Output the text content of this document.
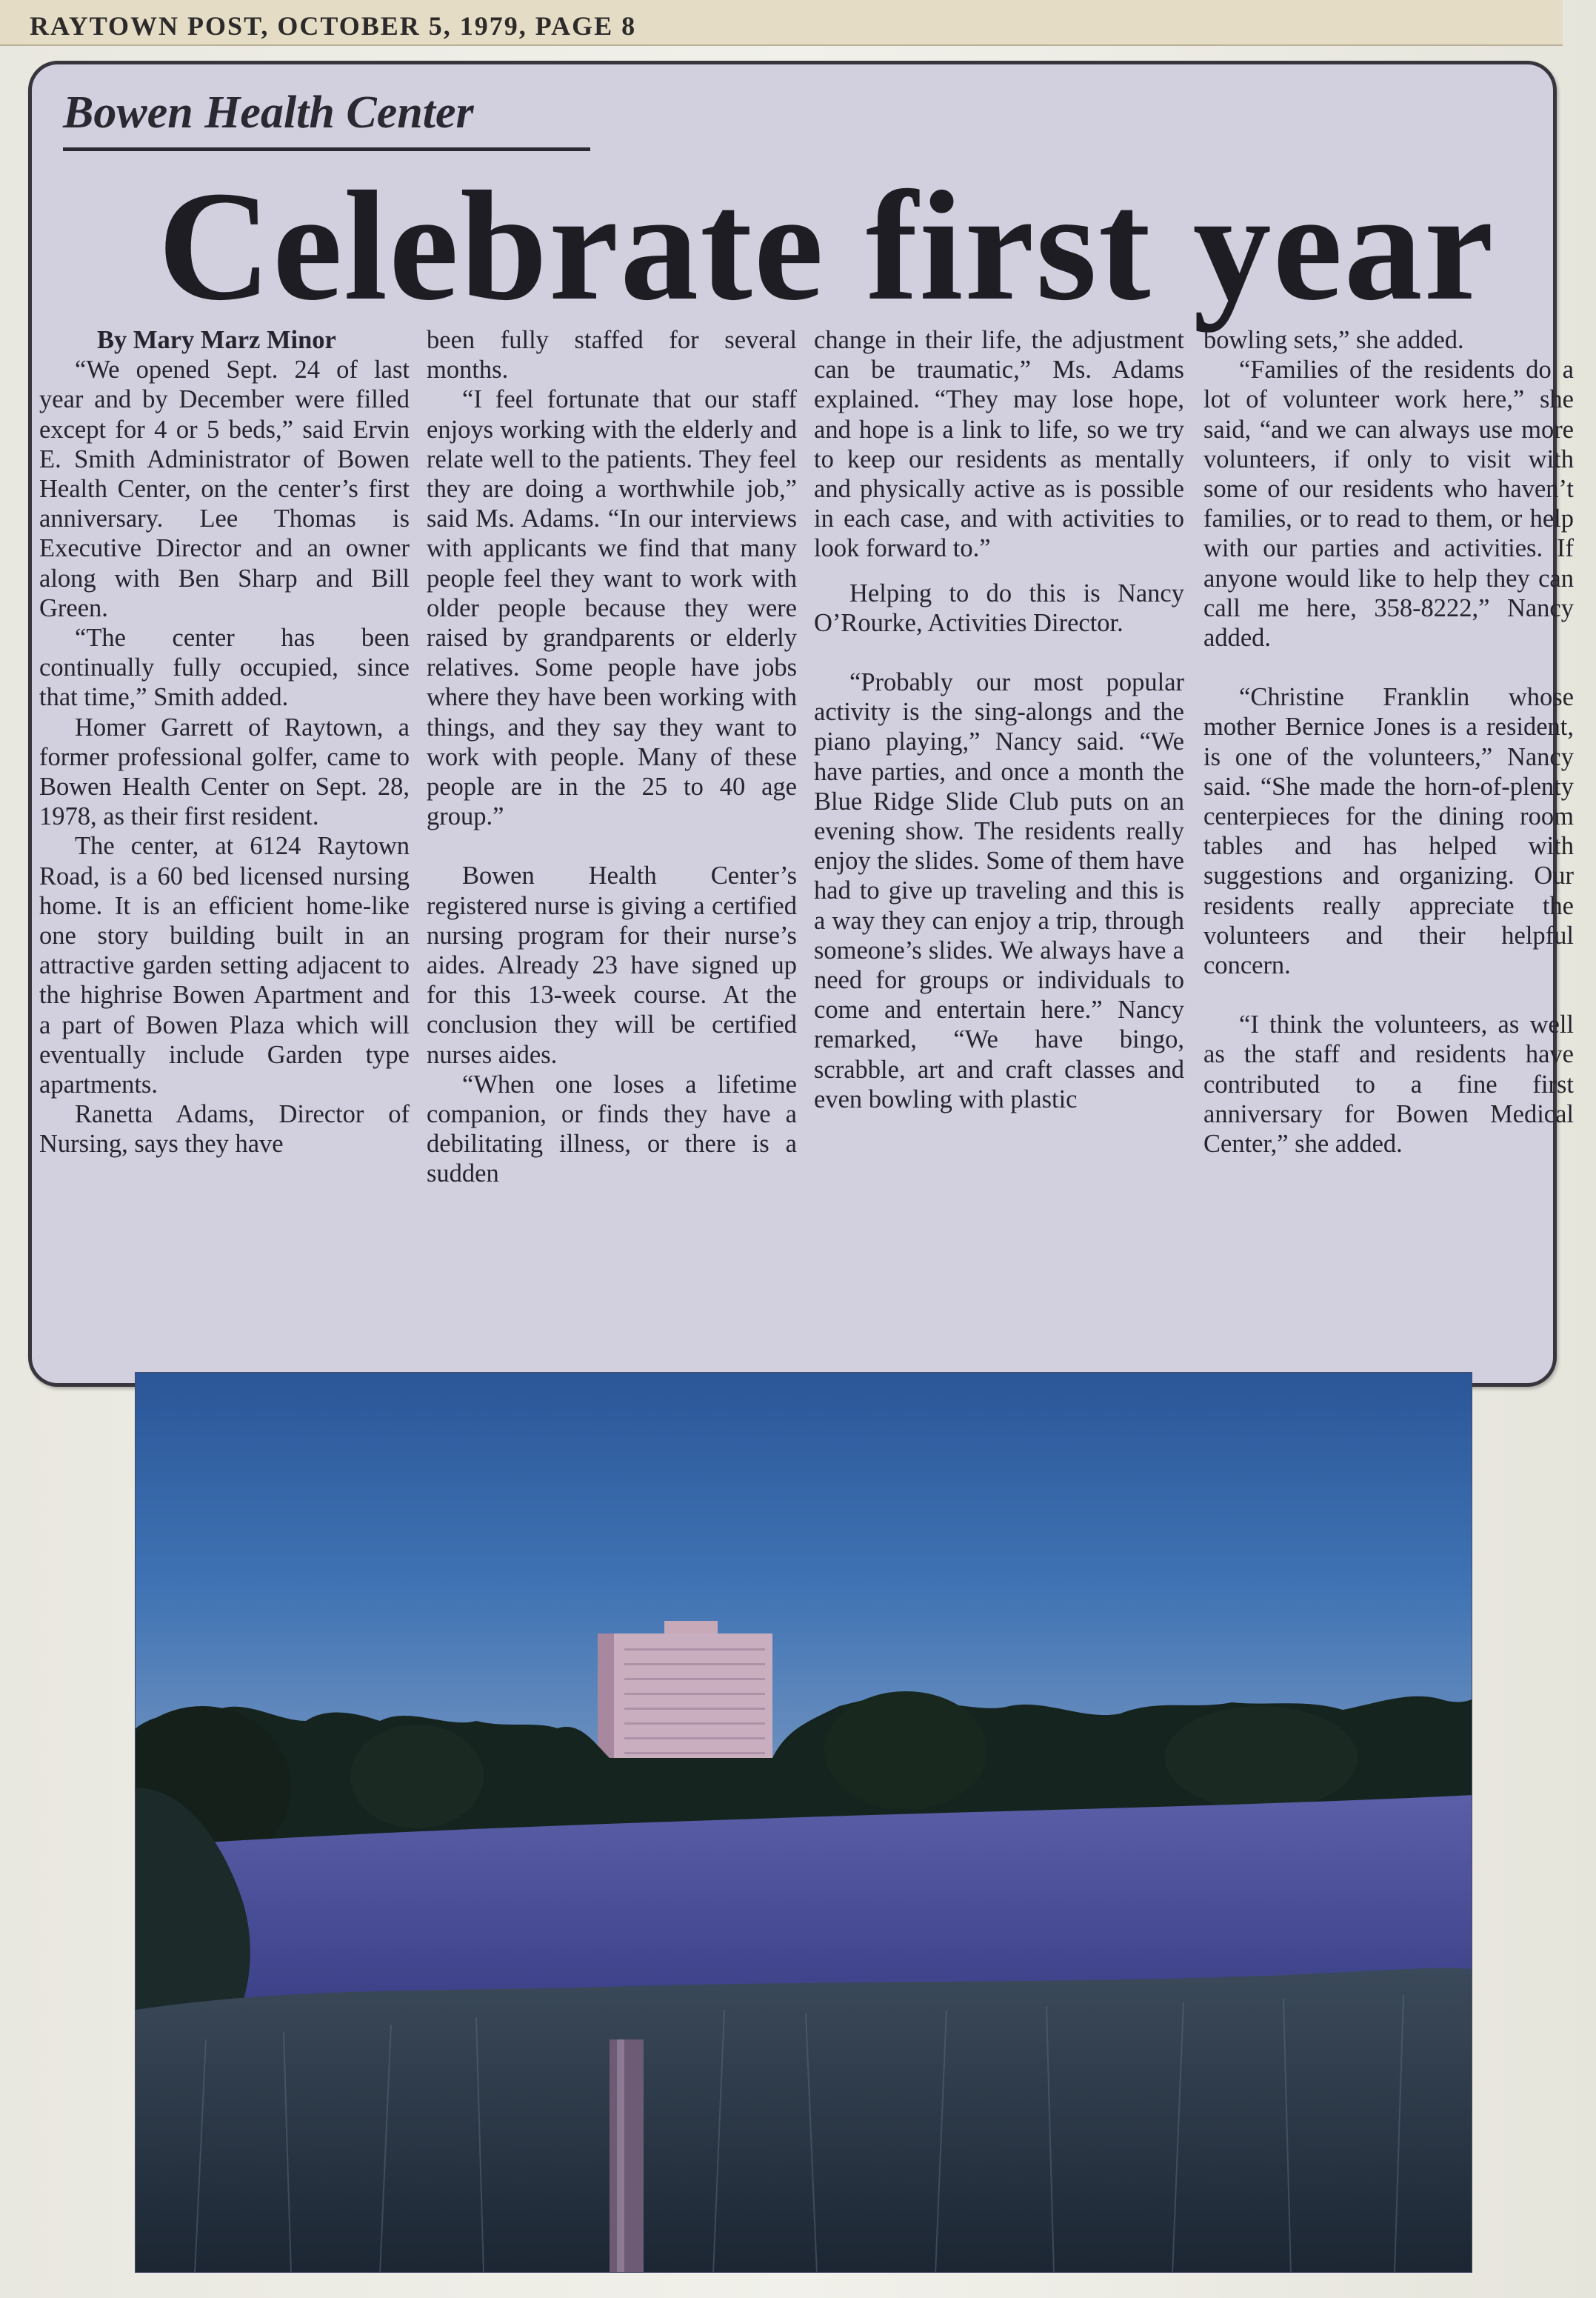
RAYTOWN POST, OCTOBER 5, 1979, PAGE 8
Bowen Health Center
Celebrate first year
By Mary Marz Minor

“We opened Sept. 24 of last year and by December were filled except for 4 or 5 beds,” said Ervin E. Smith Administrator of Bowen Health Center, on the center’s first anniversary. Lee Thomas is Executive Director and an owner along with Ben Sharp and Bill Green.

“The center has been continually fully occupied, since that time,” Smith added.

Homer Garrett of Raytown, a former professional golfer, came to Bowen Health Center on Sept. 28, 1978, as their first resident.

The center, at 6124 Raytown Road, is a 60 bed licensed nursing home. It is an efficient home-like one story building built in an attractive garden setting adjacent to the highrise Bowen Apartment and a part of Bowen Plaza which will eventually include Garden type apartments.

Ranetta Adams, Director of Nursing, says they have

been fully staffed for several months.

“I feel fortunate that our staff enjoys working with the elderly and relate well to the patients. They feel they are doing a worthwhile job,” said Ms. Adams. “In our interviews with applicants we find that many people feel they want to work with older people because they were raised by grandparents or elderly relatives. Some people have jobs where they have been working with things, and they say they want to work with people. Many of these people are in the 25 to 40 age group.”

Bowen Health Center’s registered nurse is giving a certified nursing program for their nurse’s aides. Already 23 have signed up for this 13-week course. At the conclusion they will be certified nurses aides.

“When one loses a lifetime companion, or finds they have a debilitating illness, or there is a sudden

change in their life, the adjustment can be traumatic,” Ms. Adams explained. “They may lose hope, and hope is a link to life, so we try to keep our residents as mentally and physically active as is possible in each case, and with activities to look forward to.”

Helping to do this is Nancy O’Rourke, Activities Director.

“Probably our most popular activity is the sing-alongs and the piano playing,” Nancy said. “We have parties, and once a month the Blue Ridge Slide Club puts on an evening show. The residents really enjoy the slides. Some of them have had to give up traveling and this is a way they can enjoy a trip, through someone’s slides. We always have a need for groups or individuals to come and entertain here.” Nancy remarked, “We have bingo, scrabble, art and craft classes and even bowling with plastic

bowling sets,” she added.

“Families of the residents do a lot of volunteer work here,” she said, “and we can always use more volunteers, if only to visit with some of our residents who haven’t families, or to read to them, or help with our parties and activities. If anyone would like to help they can call me here, 358-8222,” Nancy added.

“Christine Franklin whose mother Bernice Jones is a resident, is one of the volunteers,” Nancy said. “She made the horn-of-plenty centerpieces for the dining room tables and has helped with suggestions and organizing. Our residents really appreciate the volunteers and their helpful concern.

“I think the volunteers, as well as the staff and residents have contributed to a fine first anniversary for Bowen Medical Center,” she added.
